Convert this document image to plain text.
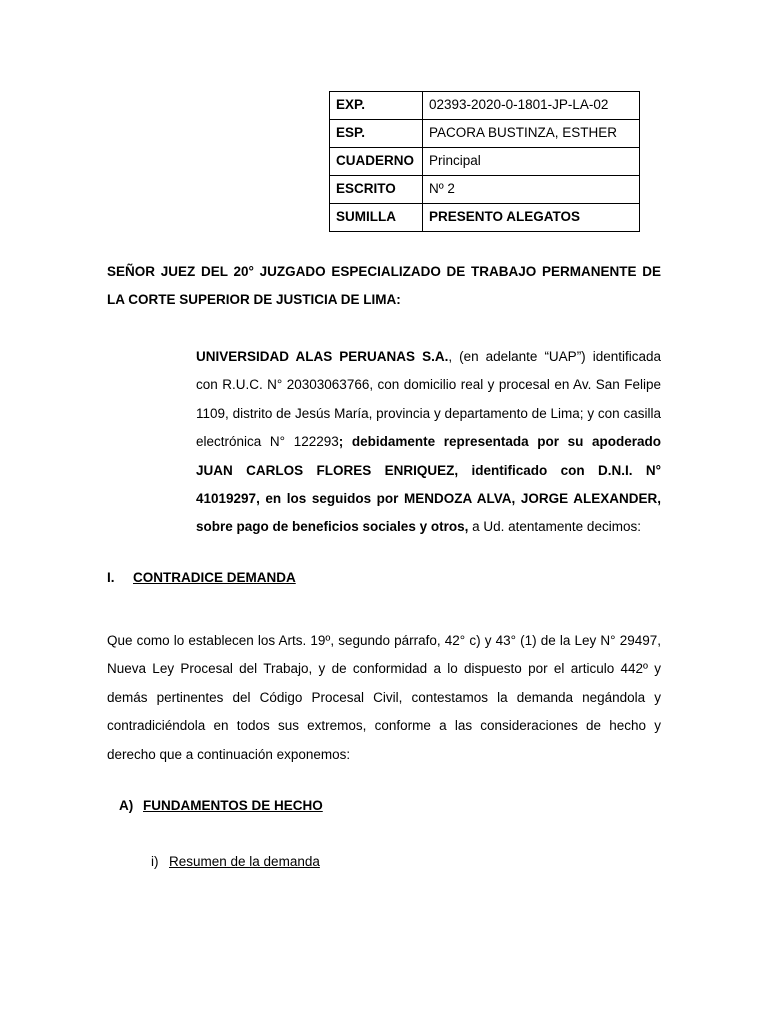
EXP.	02393-2020-0-1801-JP-LA-02
ESP.	PACORA BUSTINZA, ESTHER
CUADERNO	Principal
ESCRITO	Nº 2
SUMILLA	PRESENTO ALEGATOS
SEÑOR JUEZ DEL 20° JUZGADO ESPECIALIZADO DE TRABAJO PERMANENTE DE LA CORTE SUPERIOR DE JUSTICIA DE LIMA:
UNIVERSIDAD ALAS PERUANAS S.A., (en adelante “UAP”) identificada con R.U.C. N° 20303063766, con domicilio real y procesal en Av. San Felipe 1109, distrito de Jesús María, provincia y departamento de Lima; y con casilla electrónica N° 122293; debidamente representada por su apoderado JUAN CARLOS FLORES ENRIQUEZ, identificado con D.N.I. N° 41019297, en los seguidos por MENDOZA ALVA, JORGE ALEXANDER, sobre pago de beneficios sociales y otros, a Ud. atentamente decimos:
I. CONTRADICE DEMANDA
Que como lo establecen los Arts. 19º, segundo párrafo, 42° c) y 43° (1) de la Ley N° 29497, Nueva Ley Procesal del Trabajo, y de conformidad a lo dispuesto por el articulo 442º y demás pertinentes del Código Procesal Civil, contestamos la demanda negándola y contradiciéndola en todos sus extremos, conforme a las consideraciones de hecho y derecho que a continuación exponemos:
A) FUNDAMENTOS DE HECHO
i) Resumen de la demanda
